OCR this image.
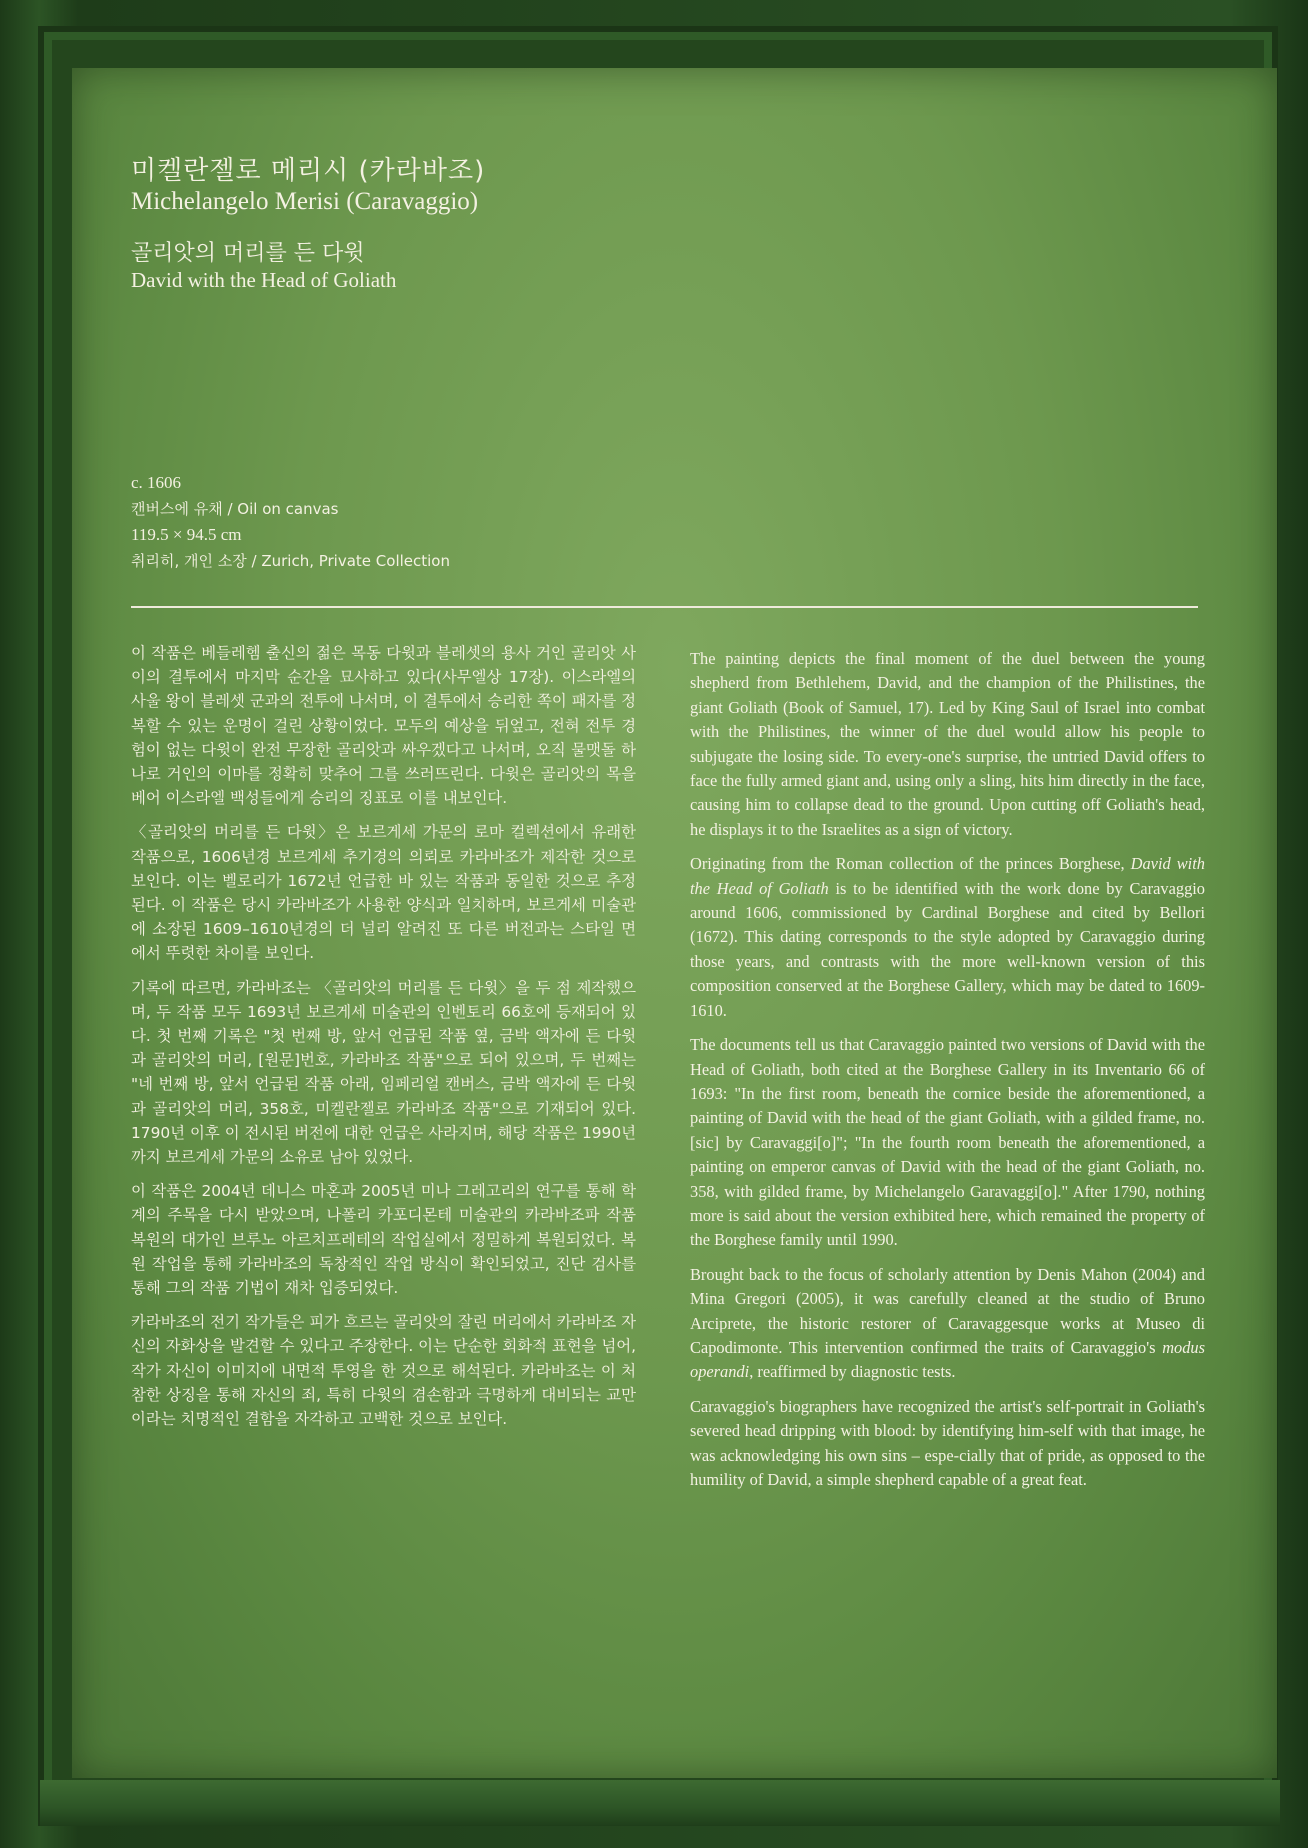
미켈란젤로 메리시 (카라바조)
Michelangelo Merisi (Caravaggio)
골리앗의 머리를 든 다윗
David with the Head of Goliath
c. 1606
캔버스에 유채 / Oil on canvas
119.5 × 94.5 cm
취리히, 개인 소장 / Zurich, Private Collection

이 작품은 베들레헴 출신의 젊은 목동 다윗과 블레셋의 용사 거인 골리앗 사이의 결투에서 마지막 순간을 묘사하고 있다(사무엘상 17장). 이스라엘의 사울 왕이 블레셋 군과의 전투에 나서며, 이 결투에서 승리한 쪽이 패자를 정복할 수 있는 운명이 걸린 상황이었다. 모두의 예상을 뒤엎고, 전혀 전투 경험이 없는 다윗이 완전 무장한 골리앗과 싸우겠다고 나서며, 오직 물맷돌 하나로 거인의 이마를 정확히 맞추어 그를 쓰러뜨린다. 다윗은 골리앗의 목을 베어 이스라엘 백성들에게 승리의 징표로 이를 내보인다.

〈골리앗의 머리를 든 다윗〉은 보르게세 가문의 로마 컬렉션에서 유래한 작품으로, 1606년경 보르게세 추기경의 의뢰로 카라바조가 제작한 것으로 보인다. 이는 벨로리가 1672년 언급한 바 있는 작품과 동일한 것으로 추정된다. 이 작품은 당시 카라바조가 사용한 양식과 일치하며, 보르게세 미술관에 소장된 1609–1610년경의 더 널리 알려진 또 다른 버전과는 스타일 면에서 뚜렷한 차이를 보인다.

기록에 따르면, 카라바조는 〈골리앗의 머리를 든 다윗〉을 두 점 제작했으며, 두 작품 모두 1693년 보르게세 미술관의 인벤토리 66호에 등재되어 있다. 첫 번째 기록은 "첫 번째 방, 앞서 언급된 작품 옆, 금박 액자에 든 다윗과 골리앗의 머리, [원문]번호, 카라바조 작품"으로 되어 있으며, 두 번째는 "네 번째 방, 앞서 언급된 작품 아래, 임페리얼 캔버스, 금박 액자에 든 다윗과 골리앗의 머리, 358호, 미켈란젤로 카라바조 작품"으로 기재되어 있다. 1790년 이후 이 전시된 버전에 대한 언급은 사라지며, 해당 작품은 1990년까지 보르게세 가문의 소유로 남아 있었다.

이 작품은 2004년 데니스 마혼과 2005년 미나 그레고리의 연구를 통해 학계의 주목을 다시 받았으며, 나폴리 카포디몬테 미술관의 카라바조파 작품 복원의 대가인 브루노 아르치프레테의 작업실에서 정밀하게 복원되었다. 복원 작업을 통해 카라바조의 독창적인 작업 방식이 확인되었고, 진단 검사를 통해 그의 작품 기법이 재차 입증되었다.

카라바조의 전기 작가들은 피가 흐르는 골리앗의 잘린 머리에서 카라바조 자신의 자화상을 발견할 수 있다고 주장한다. 이는 단순한 회화적 표현을 넘어, 작가 자신이 이미지에 내면적 투영을 한 것으로 해석된다. 카라바조는 이 처참한 상징을 통해 자신의 죄, 특히 다윗의 겸손함과 극명하게 대비되는 교만이라는 치명적인 결함을 자각하고 고백한 것으로 보인다.

The painting depicts the final moment of the duel between the young shepherd from Bethlehem, David, and the champion of the Philistines, the giant Goliath (Book of Samuel, 17). Led by King Saul of Israel into combat with the Philistines, the winner of the duel would allow his people to subjugate the losing side. To every-one's surprise, the untried David offers to face the fully armed giant and, using only a sling, hits him directly in the face, causing him to collapse dead to the ground. Upon cutting off Goliath's head, he displays it to the Israelites as a sign of victory.

Originating from the Roman collection of the princes Borghese, David with the Head of Goliath is to be identified with the work done by Caravaggio around 1606, commissioned by Cardinal Borghese and cited by Bellori (1672). This dating corresponds to the style adopted by Caravaggio during those years, and contrasts with the more well-known version of this composition conserved at the Borghese Gallery, which may be dated to 1609-1610.

The documents tell us that Caravaggio painted two versions of David with the Head of Goliath, both cited at the Borghese Gallery in its Inventario 66 of 1693: "In the first room, beneath the cornice beside the aforementioned, a painting of David with the head of the giant Goliath, with a gilded frame, no. [sic] by Caravaggi[o]"; "In the fourth room beneath the aforementioned, a painting on emperor canvas of David with the head of the giant Goliath, no. 358, with gilded frame, by Michelangelo Garavaggi[o]." After 1790, nothing more is said about the version exhibited here, which remained the property of the Borghese family until 1990.

Brought back to the focus of scholarly attention by Denis Mahon (2004) and Mina Gregori (2005), it was carefully cleaned at the studio of Bruno Arciprete, the historic restorer of Caravaggesque works at Museo di Capodimonte. This intervention confirmed the traits of Caravaggio's modus operandi, reaffirmed by diagnostic tests.

Caravaggio's biographers have recognized the artist's self-portrait in Goliath's severed head dripping with blood: by identifying him-self with that image, he was acknowledging his own sins – espe-cially that of pride, as opposed to the humility of David, a simple shepherd capable of a great feat.
